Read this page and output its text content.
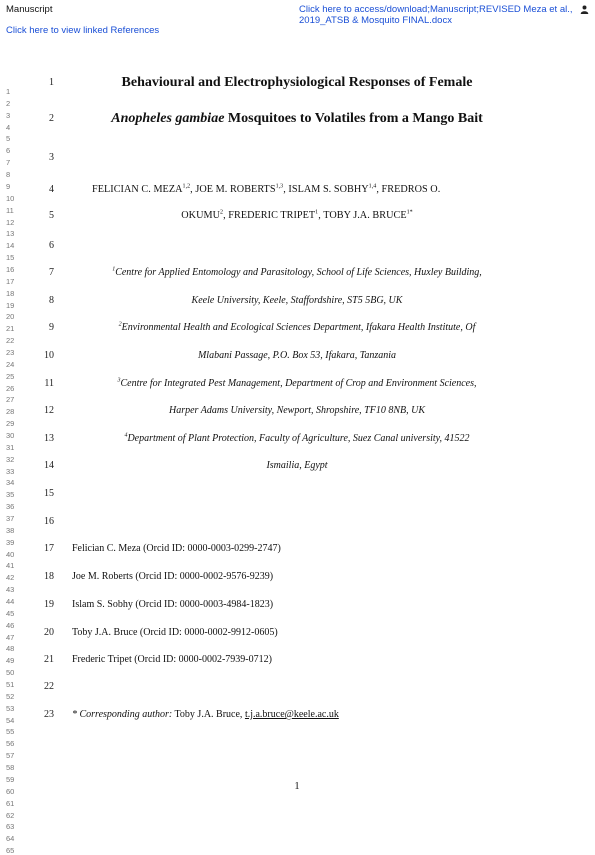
Manuscript	Click here to access/download;Manuscript;REVISED Meza et al., 2019_ATSB & Mosquito FINAL.docx
Click here to view linked References
1
2
3
4
5
6
7
8
9
10
11
12
13
14
15
16
17
18
19
20
21
22
23
24
25
26
27
28
29
30
31
32
33
34
35
36
37
38
39
40
41
42
43
44
45
46
47
48
49
50
51
52
53
54
55
56
57
58
59
60
61
62
63
64
65
1
2
3
4
5
6
7
8
9
10
11
12
13
14
15
16
17
18
19
20
21
22
23
Behavioural and Electrophysiological Responses of Female
Anopheles gambiae Mosquitoes to Volatiles from a Mango Bait
FELICIAN C. MEZA$^{1,2}$, JOE M. ROBERTS$^{1,3}$, ISLAM S. SOBHY$^{1,4}$, FREDROS O.
OKUMU$^2$, FREDERIC TRIPET$^1$, TOBY J.A. $BRUCE^{1*}$
$^1$Centre for Applied Entomology and Parasitology, School of Life Sciences, Huxley Building,
Keele University, Keele, Staffordshire, ST5 5BG, UK
$^2$Environmental Health and Ecological Sciences Department, Ifakara Health Institute, Of
Mlabani Passage, P.O. Box 53, Ifakara, Tanzania
$^3$Centre for Integrated Pest Management, Department of Crop and Environment Sciences,
Harper Adams University, Newport, Shropshire, TF10 8NB, UK
$^4$Department of Plant Protection, Faculty of Agriculture, Suez Canal university, 41522
Ismailia, Egypt
Felician C. Meza (Orcid ID: 0000-0003-0299-2747)
Joe M. Roberts (Orcid ID: 0000-0002-9576-9239)
Islam S. Sobhy (Orcid ID: 0000-0003-4984-1823)
Toby J.A. Bruce (Orcid ID: 0000-0002-9912-0605)
Frederic Tripet (Orcid ID: 0000-0002-7939-0712)
* Corresponding author: Toby J.A. Bruce, t.j.a.bruce@keele.ac.uk
1
